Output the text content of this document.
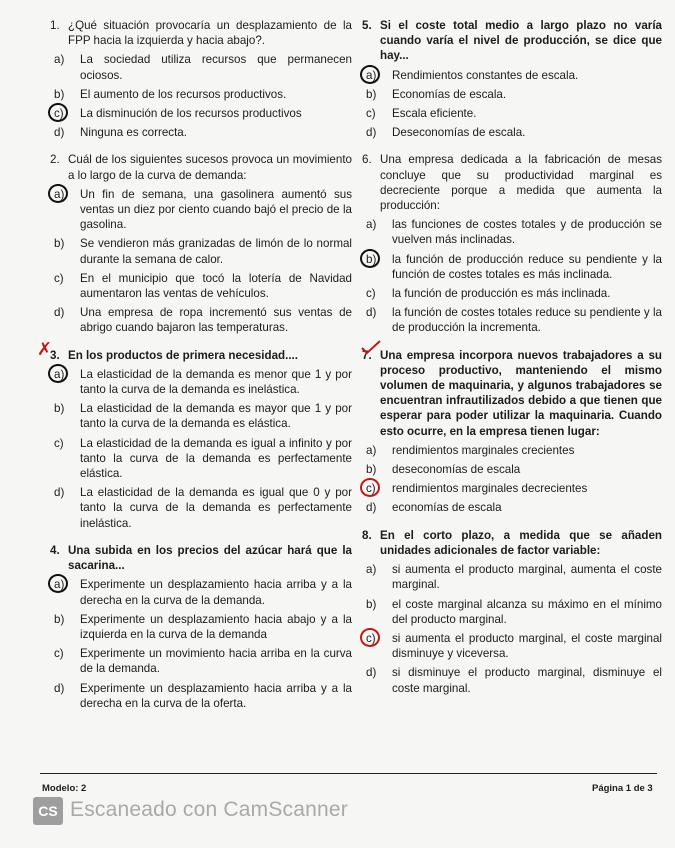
1. ¿Qué situación provocaría un desplazamiento de la FPP hacia la izquierda y hacia abajo?.
a)	La sociedad utiliza recursos que permanecen ociosos.
b)	El aumento de los recursos productivos.
c)	La disminución de los recursos productivos
d)	Ninguna es correcta.
2. Cuál de los siguientes sucesos provoca un movimiento a lo largo de la curva de demanda:
a)	Un fin de semana, una gasolinera aumentó sus ventas un diez por ciento cuando bajó el precio de la gasolina.
b)	Se vendieron más granizadas de limón de lo normal durante la semana de calor.
c)	En el municipio que tocó la lotería de Navidad aumentaron las ventas de vehículos.
d)	Una empresa de ropa incrementó sus ventas de abrigo cuando bajaron las temperaturas.
✗
3. En los productos de primera necesidad....
a)	La elasticidad de la demanda es menor que 1 y por tanto la curva de la demanda es inelástica.
b)	La elasticidad de la demanda es mayor que 1 y por tanto la curva de la demanda es elástica.
c)	La elasticidad de la demanda es igual a infinito y por tanto la curva de la demanda es perfectamente elástica.
d)	La elasticidad de la demanda es igual que 0 y por tanto la curva de la demanda es perfectamente inelástica.
4. Una subida en los precios del azúcar hará que la sacarina...
a)	Experimente un desplazamiento hacia arriba y a la derecha en la curva de la demanda.
b)	Experimente un desplazamiento hacia abajo y a la izquierda en la curva de la demanda
c)	Experimente un movimiento hacia arriba en la curva de la demanda.
d)	Experimente un desplazamiento hacia arriba y a la derecha en la curva de la oferta.
5. Si el coste total medio a largo plazo no varía cuando varía el nivel de producción, se dice que hay...
a)	Rendimientos constantes de escala.
b)	Economías de escala.
c)	Escala eficiente.
d)	Deseconomías de escala.
6. Una empresa dedicada a la fabricación de mesas concluye que su productividad marginal es decreciente porque a medida que aumenta la producción:
a)	las funciones de costes totales y de producción se vuelven más inclinadas.
b)	la función de producción reduce su pendiente y la función de costes totales es más inclinada.
c)	la función de producción es más inclinada.
d)	la función de costes totales reduce su pendiente y la de producción la incrementa.
7. Una empresa incorpora nuevos trabajadores a su proceso productivo, manteniendo el mismo volumen de maquinaria, y algunos trabajadores se encuentran infrautilizados debido a que tienen que esperar para poder utilizar la maquinaria. Cuando esto ocurre, en la empresa tienen lugar:
a)	rendimientos marginales crecientes
b)	deseconomías de escala
c)	rendimientos marginales decrecientes
d)	economías de escala
8. En el corto plazo, a medida que se añaden unidades adicionales de factor variable:
a)	si aumenta el producto marginal, aumenta el coste marginal.
b)	el coste marginal alcanza su máximo en el mínimo del producto marginal.
c)	si aumenta el producto marginal, el coste marginal disminuye y viceversa.
d)	si disminuye el producto marginal, disminuye el coste marginal.
Modelo: 2	Página 1 de 3
CS Escaneado con CamScanner
